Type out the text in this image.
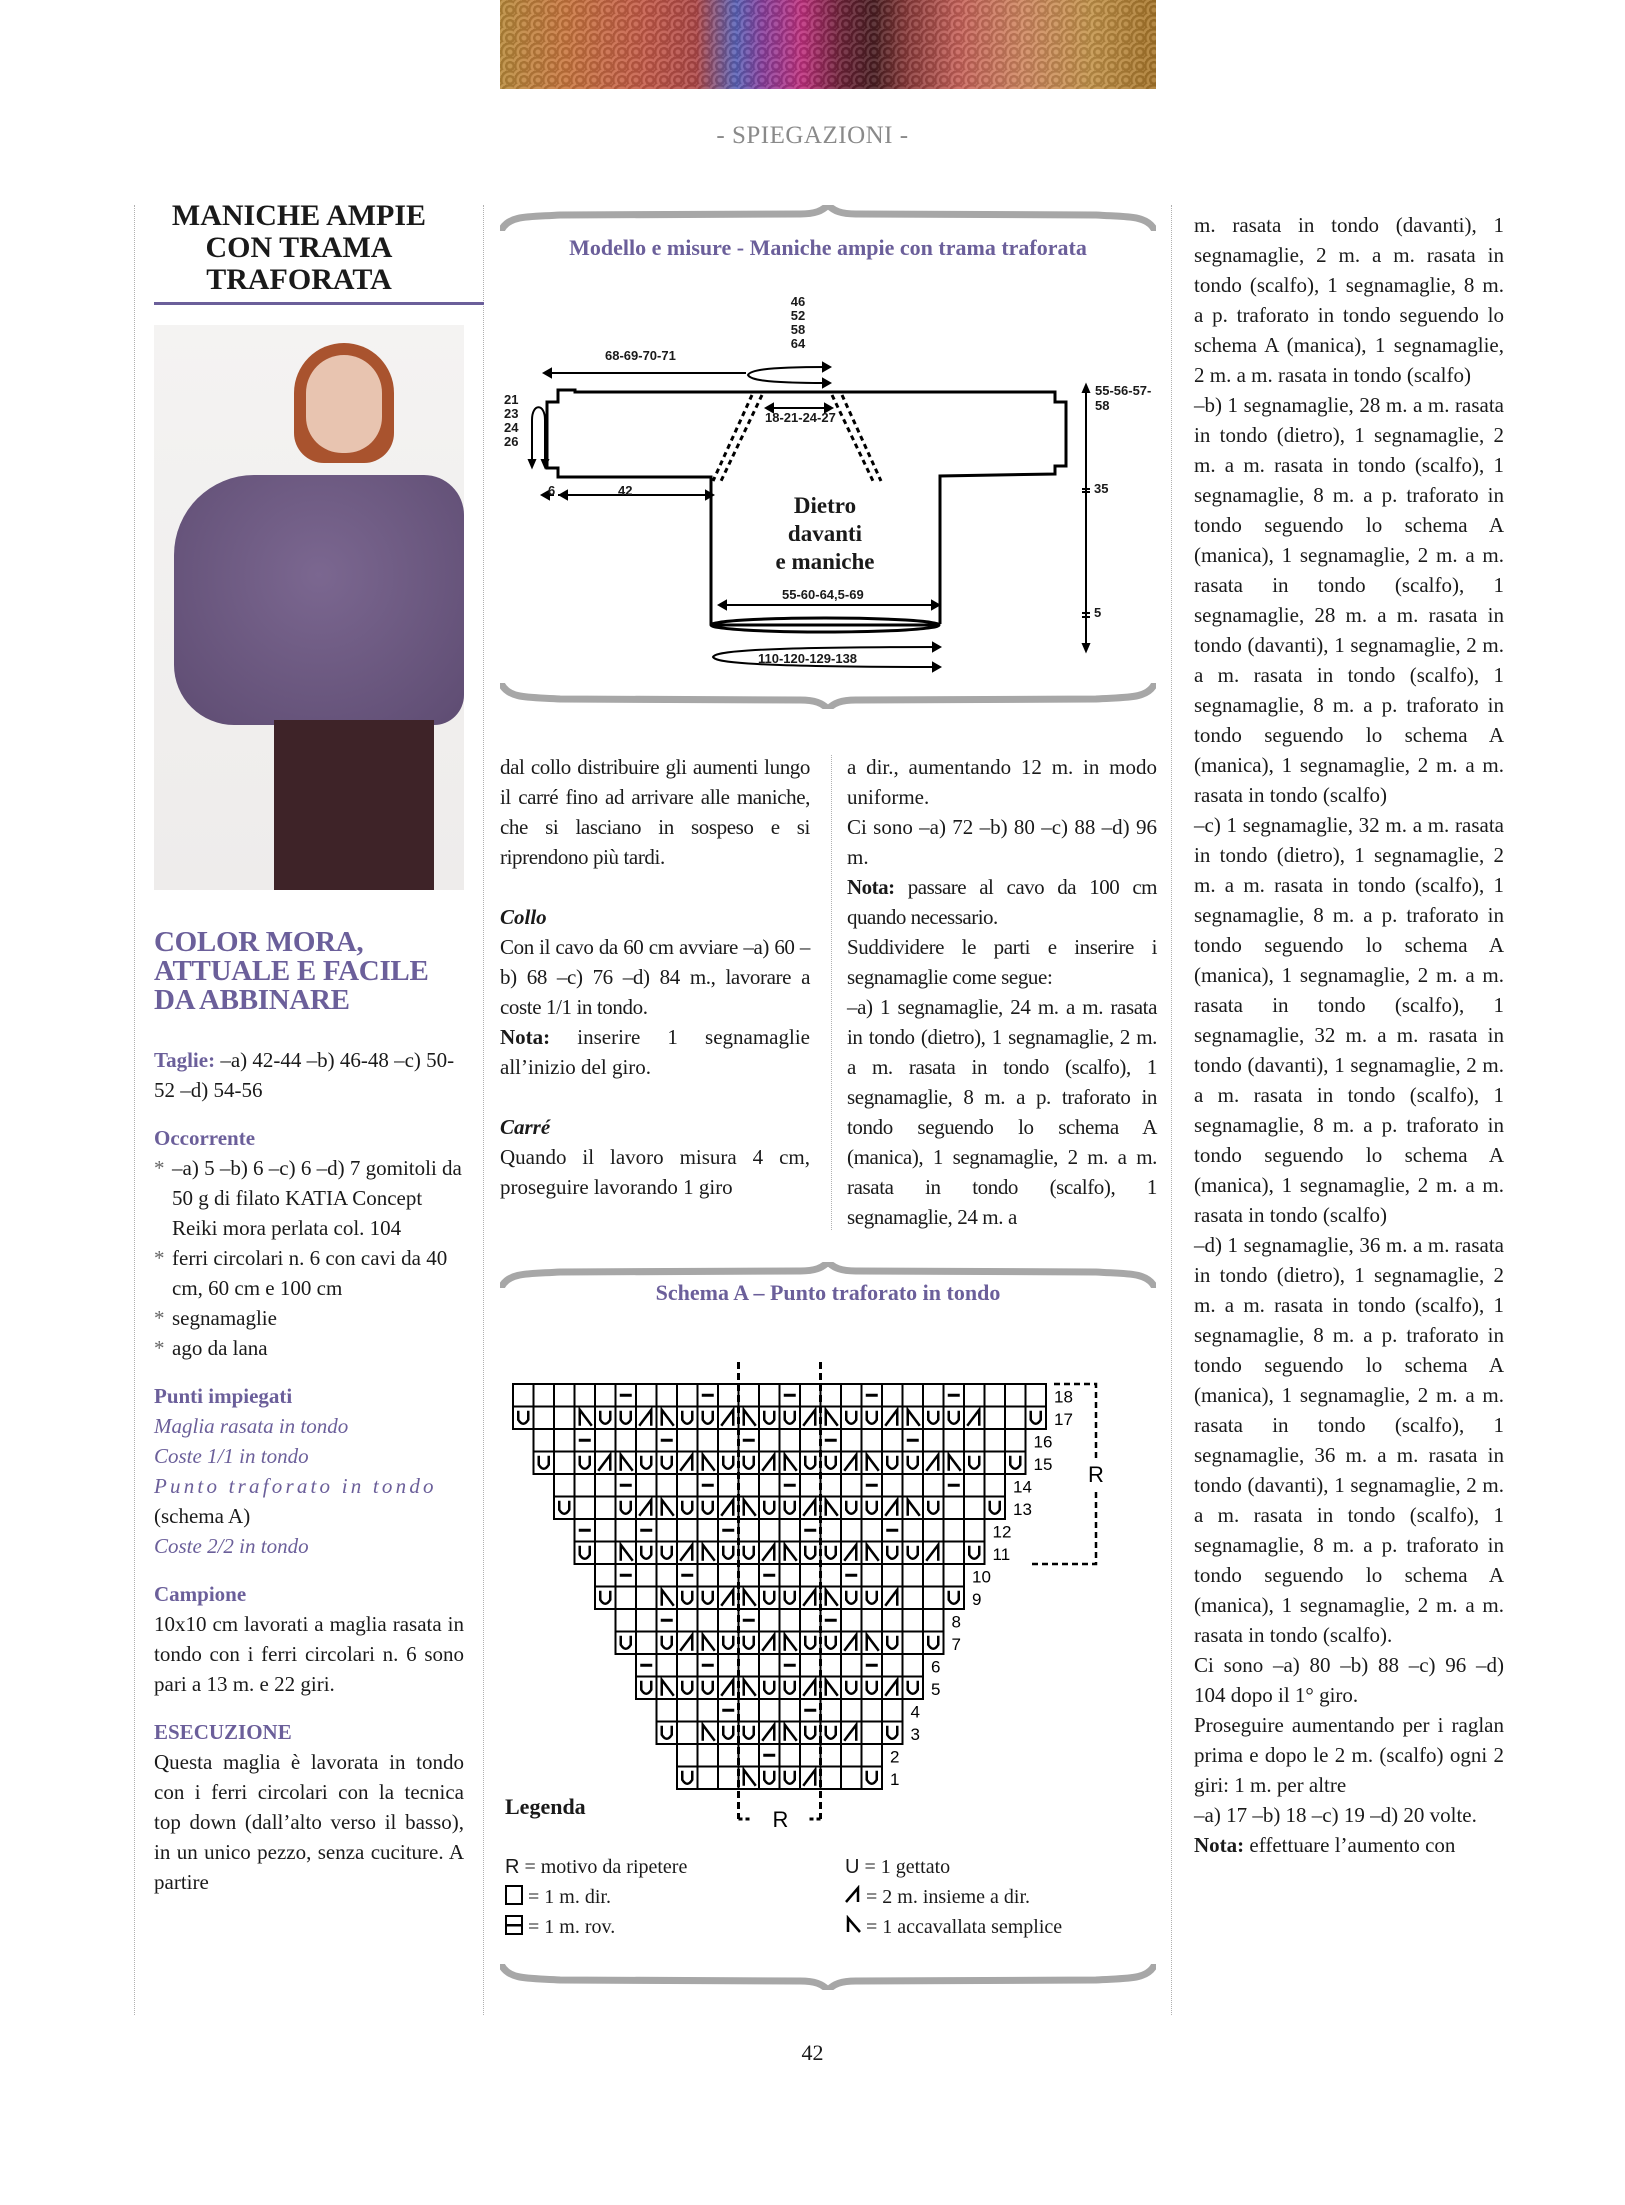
- SPIEGAZIONI -
MANICHE AMPIE
CON TRAMA
TRAFORATA
COLOR MORA,
ATTUALE E FACILE
DA ABBINARE
Taglie: –a) 42-44 –b) 46-48 –c) 50-52 –d) 54-56
Occorrente
* –a) 5 –b) 6 –c) 6 –d) 7 gomitoli da 50 g di filato KATIA Concept Reiki mora perlata col. 104
* ferri circolari n. 6 con cavi da 40 cm, 60 cm e 100 cm
* segnamaglie
* ago da lana
Punti impiegati
Maglia rasata in tondo
Coste 1/1 in tondo
Punto traforato in tondo
(schema A)
Coste 2/2 in tondo
Campione
10x10 cm lavorati a maglia rasata in tondo con i ferri circolari n. 6 sono pari a 13 m. e 22 giri.
ESECUZIONE
Questa maglia è lavorata in tondo con i ferri circolari con la tecnica top down (dall’alto verso il basso), in un unico pezzo, senza cuciture. A partire
Modello e misure - Maniche ampie con trama traforata
Dietro
davanti
e maniche
46
52
58
64
68-69-70-71
21
23
24
26
18-21-24-27
55-56-57-58
6	42	35
5
55-60-64,5-69
110-120-129-138
dal collo distribuire gli aumenti lungo il carré fino ad arrivare alle maniche, che si lasciano in sospeso e si riprendono più tardi.
Collo
Con il cavo da 60 cm avviare –a) 60 –b) 68 –c) 76 –d) 84 m., lavorare a coste 1/1 in tondo.
Nota: inserire 1 segnamaglie all’inizio del giro.
Carré
Quando il lavoro misura 4 cm, proseguire lavorando 1 giro
a dir., aumentando 12 m. in modo uniforme.
Ci sono –a) 72 –b) 80 –c) 88 –d) 96 m.
Nota: passare al cavo da 100 cm quando necessario.
Suddividere le parti e inserire i segnamaglie come segue:
–a) 1 segnamaglie, 24 m. a m. rasata in tondo (dietro), 1 segnamaglie, 2 m. a m. rasata in tondo (scalfo), 1 segnamaglie, 8 m. a p. traforato in tondo seguendo lo schema A (manica), 1 segnamaglie, 2 m. a m. rasata in tondo (scalfo), 1 segnamaglie, 24 m. a
Schema A – Punto traforato in tondo
1
2
3
4
5
6
7
8
9
10
11
12
13
14
15
16
17
18
R
R
Legenda
R = motivo da ripetere
= 1 m. dir.
= 1 m. rov.
U = 1 gettato
= 2 m. insieme a dir.
= 1 accavallata semplice
m. rasata in tondo (davanti), 1 segnamaglie, 2 m. a m. rasata in tondo (scalfo), 1 segnamaglie, 8 m. a p. traforato in tondo seguendo lo schema A (manica), 1 segnamaglie, 2 m. a m. rasata in tondo (scalfo)
–b) 1 segnamaglie, 28 m. a m. rasata in tondo (dietro), 1 segnamaglie, 2 m. a m. rasata in tondo (scalfo), 1 segnamaglie, 8 m. a p. traforato in tondo seguendo lo schema A (manica), 1 segnamaglie, 2 m. a m. rasata in tondo (scalfo), 1 segnamaglie, 28 m. a m. rasata in tondo (davanti), 1 segnamaglie, 2 m. a m. rasata in tondo (scalfo), 1 segnamaglie, 8 m. a p. traforato in tondo seguendo lo schema A (manica), 1 segnamaglie, 2 m. a m. rasata in tondo (scalfo)
–c) 1 segnamaglie, 32 m. a m. rasata in tondo (dietro), 1 segnamaglie, 2 m. a m. rasata in tondo (scalfo), 1 segnamaglie, 8 m. a p. traforato in tondo seguendo lo schema A (manica), 1 segnamaglie, 2 m. a m. rasata in tondo (scalfo), 1 segnamaglie, 32 m. a m. rasata in tondo (davanti), 1 segnamaglie, 2 m. a m. rasata in tondo (scalfo), 1 segnamaglie, 8 m. a p. traforato in tondo seguendo lo schema A (manica), 1 segnamaglie, 2 m. a m. rasata in tondo (scalfo)
–d) 1 segnamaglie, 36 m. a m. rasata in tondo (dietro), 1 segnamaglie, 2 m. a m. rasata in tondo (scalfo), 1 segnamaglie, 8 m. a p. traforato in tondo seguendo lo schema A (manica), 1 segnamaglie, 2 m. a m. rasata in tondo (scalfo), 1 segnamaglie, 36 m. a m. rasata in tondo (davanti), 1 segnamaglie, 2 m. a m. rasata in tondo (scalfo), 1 segnamaglie, 8 m. a p. traforato in tondo seguendo lo schema A (manica), 1 segnamaglie, 2 m. a m. rasata in tondo (scalfo).
Ci sono –a) 80 –b) 88 –c) 96 –d) 104 dopo il 1° giro.
Proseguire aumentando per i raglan prima e dopo le 2 m. (scalfo) ogni 2 giri: 1 m. per altre
–a) 17 –b) 18 –c) 19 –d) 20 volte.
Nota: effettuare l’aumento con
42
